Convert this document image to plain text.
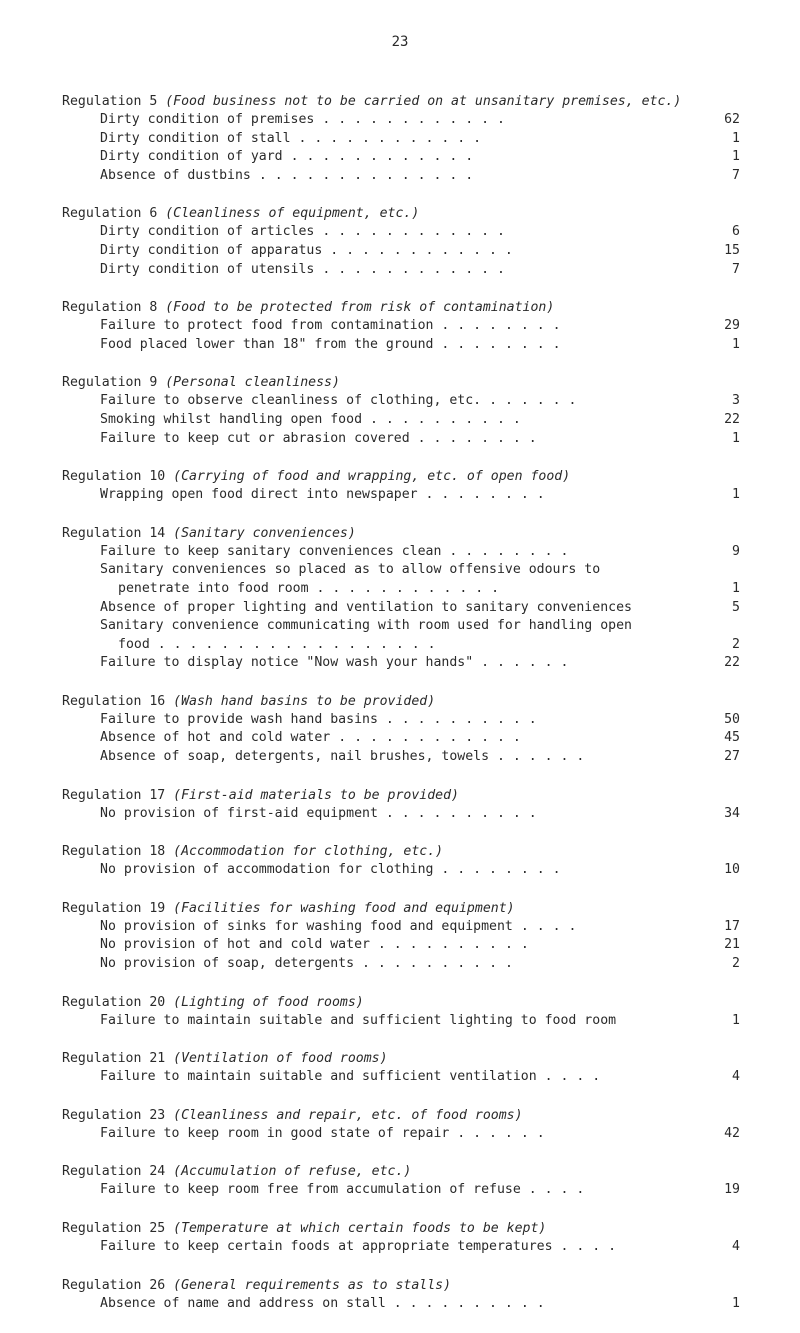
23
Regulation 5 (Food business not to be carried on at unsanitary premises, etc.)
Dirty condition of premises . . . . . . . . . . . .	62
Dirty condition of stall . . . . . . . . . . . .	1
Dirty condition of yard . . . . . . . . . . . .	1
Absence of dustbins . . . . . . . . . . . . . .	7
Regulation 6 (Cleanliness of equipment, etc.)
Dirty condition of articles . . . . . . . . . . . .	6
Dirty condition of apparatus . . . . . . . . . . . .	15
Dirty condition of utensils . . . . . . . . . . . .	7
Regulation 8 (Food to be protected from risk of contamination)
Failure to protect food from contamination . . . . . . . .	29
Food placed lower than 18" from the ground . . . . . . . .	1
Regulation 9 (Personal cleanliness)
Failure to observe cleanliness of clothing, etc. . . . . . .	3
Smoking whilst handling open food . . . . . . . . . .	22
Failure to keep cut or abrasion covered . . . . . . . .	1
Regulation 10 (Carrying of food and wrapping, etc. of open food)
Wrapping open food direct into newspaper . . . . . . . .	1
Regulation 14 (Sanitary conveniences)
Failure to keep sanitary conveniences clean . . . . . . . .	9
Sanitary conveniences so placed as to allow offensive odours to
penetrate into food room . . . . . . . . . . . .	1
Absence of proper lighting and ventilation to sanitary conveniences	5
Sanitary convenience communicating with room used for handling open
food . . . . . . . . . . . . . . . . . .	2
Failure to display notice "Now wash your hands" . . . . . .	22
Regulation 16 (Wash hand basins to be provided)
Failure to provide wash hand basins . . . . . . . . . .	50
Absence of hot and cold water . . . . . . . . . . . .	45
Absence of soap, detergents, nail brushes, towels . . . . . .	27
Regulation 17 (First-aid materials to be provided)
No provision of first-aid equipment . . . . . . . . . .	34
Regulation 18 (Accommodation for clothing, etc.)
No provision of accommodation for clothing . . . . . . . .	10
Regulation 19 (Facilities for washing food and equipment)
No provision of sinks for washing food and equipment . . . .	17
No provision of hot and cold water . . . . . . . . . .	21
No provision of soap, detergents . . . . . . . . . .	2
Regulation 20 (Lighting of food rooms)
Failure to maintain suitable and sufficient lighting to food room	1
Regulation 21 (Ventilation of food rooms)
Failure to maintain suitable and sufficient ventilation . . . .	4
Regulation 23 (Cleanliness and repair, etc. of food rooms)
Failure to keep room in good state of repair . . . . . .	42
Regulation 24 (Accumulation of refuse, etc.)
Failure to keep room free from accumulation of refuse . . . .	19
Regulation 25 (Temperature at which certain foods to be kept)
Failure to keep certain foods at appropriate temperatures . . . .	4
Regulation 26 (General requirements as to stalls)
Absence of name and address on stall . . . . . . . . . .	1
